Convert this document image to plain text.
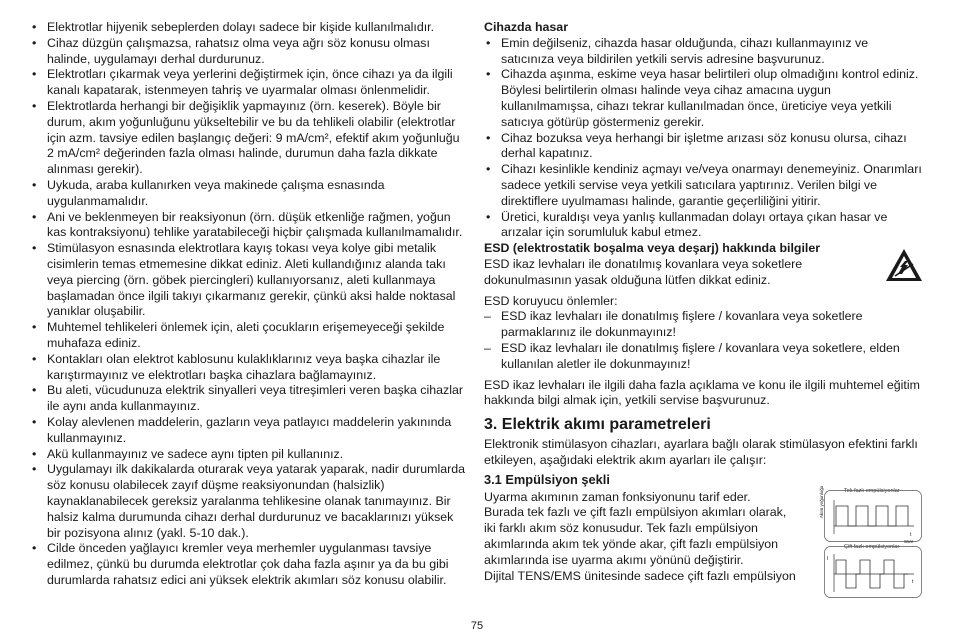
• Elektrotlar hijyenik sebeplerden dolayı sadece bir kişide kullanılmalıdır.
• Cihaz düzgün çalışmazsa, rahatsız olma veya ağrı söz konusu olması halinde, uygulamayı derhal durdurunuz.
• Elektrotları çıkarmak veya yerlerini değiştirmek için, önce cihazı ya da ilgili kanalı kapatarak, istenmeyen tahriş ve uyarmalar olması önlenmelidir.
• Elektrotlarda herhangi bir değişiklik yapmayınız (örn. keserek). Böyle bir durum, akım yoğunluğunu yükseltebilir ve bu da tehlikeli olabilir (elektrotlar için azm. tavsiye edilen başlangıç değeri: 9 mA/cm², efektif akım yoğunluğu 2 mA/cm² değerinden fazla olması halinde, durumun daha fazla dikkate alınması gerekir).
• Uykuda, araba kullanırken veya makinede çalışma esnasında uygulanmamalıdır.
• Ani ve beklenmeyen bir reaksiyonun (örn. düşük etkenliğe rağmen, yoğun kas kontraksiyonu) tehlike yaratabileceği hiçbir çalışmada kullanılmamalıdır.
• Stimülasyon esnasında elektrotlara kayış tokası veya kolye gibi metalik cisimlerin temas etmemesine dikkat ediniz. Aleti kullandığınız alanda takı veya piercing (örn. göbek piercingleri) kullanıyorsanız, aleti kullanmaya başlamadan önce ilgili takıyı çıkarmanız gerekir, çünkü aksi halde noktasal yanıklar oluşabilir.
• Muhtemel tehlikeleri önlemek için, aleti çocukların erişemeyeceği şekilde muhafaza ediniz.
• Kontakları olan elektrot kablosunu kulaklıklarınız veya başka cihazlar ile karıştırmayınız ve elektrotları başka cihazlara bağlamayınız.
• Bu aleti, vücudunuza elektrik sinyalleri veya titreşimleri veren başka cihazlar ile aynı anda kullanmayınız.
• Kolay alevlenen maddelerin, gazların veya patlayıcı maddelerin yakınında kullanmayınız.
• Akü kullanmayınız ve sadece aynı tipten pil kullanınız.
• Uygulamayı ilk dakikalarda oturarak veya yatarak yaparak, nadir durumlarda söz konusu olabilecek zayıf düşme reaksiyonundan (halsizlik) kaynaklanabilecek gereksiz yaralanma tehlikesine olanak tanımayınız. Bir halsiz kalma durumunda cihazı derhal durdurunuz ve bacaklarınızı yüksek bir pozisyona alınız (yakl. 5-10 dak.).
• Cilde önceden yağlayıcı kremler veya merhemler uygulanması tavsiye edilmez, çünkü bu durumda elektrotlar çok daha fazla aşınır ya da bu gibi durumlarda rahatsız edici ani yüksek elektrik akımları söz konusu olabilir.
Cihazda hasar
• Emin değilseniz, cihazda hasar olduğunda, cihazı kullanmayınız ve satıcınıza veya bildirilen yetkili servis adresine başvurunuz.
• Cihazda aşınma, eskime veya hasar belirtileri olup olmadığını kontrol ediniz. Böylesi belirtilerin olması halinde veya cihaz amacına uygun kullanılmamışsa, cihazı tekrar kullanılmadan önce, üreticiye veya yetkili satıcıya götürüp göstermeniz gerekir.
• Cihaz bozuksa veya herhangi bir işletme arızası söz konusu olursa, cihazı derhal kapatınız.
• Cihazı kesinlikle kendiniz açmayı ve/veya onarmayı denemeyiniz. Onarımları sadece yetkili servise veya yetkili satıcılara yaptırınız. Verilen bilgi ve direktiflere uyulmaması halinde, garantie geçerliliğini yitirir.
• Üretici, kuraldışı veya yanlış kullanmadan dolayı ortaya çıkan hasar ve arızalar için sorumluluk kabul etmez.
ESD (elektrostatik boşalma veya deşarj) hakkında bilgiler

ESD ikaz levhaları ile donatılmış kovanlara veya soketlere dokunulmasının yasak olduğuna lütfen dikkat ediniz.

ESD koruyucu önlemler:

– ESD ikaz levhaları ile donatılmış fişlere / kovanlara veya soketlere parmaklarınız ile dokunmayınız!
– ESD ikaz levhaları ile donatılmış fişlere / kovanlara veya soketlere, elden kullanılan aletler ile dokunmayınız!

ESD ikaz levhaları ile ilgili daha fazla açıklama ve konu ile ilgili muhtemel eğitim hakkında bilgi almak için, yetkili servise başvurunuz.

3. Elektrik akımı parametreleri

Elektronik stimülasyon cihazları, ayarlara bağlı olarak stimülasyon efektini farklı etkileyen, aşağıdaki elektrik akım ayarları ile çalışır:

3.1 Empülsiyon şekli

Uyarma akımının zaman fonksiyonunu tarif eder.

Burada tek fazlı ve çift fazlı empülsiyon akımları olarak, iki farklı akım söz konusudur. Tek fazlı empülsiyon akımlarında akım tek yönde akar, çift fazlı empülsiyon akımlarında ise uyarma akımı yönünü değiştirir.

Dijital TENS/EMS ünitesinde sadece çift fazlı empülsiyon

Tek fazlı empülsiyonlar
Akım yoğunluğu
t
Süre
Çift fazlı empülsiyonlar
I
t
75
